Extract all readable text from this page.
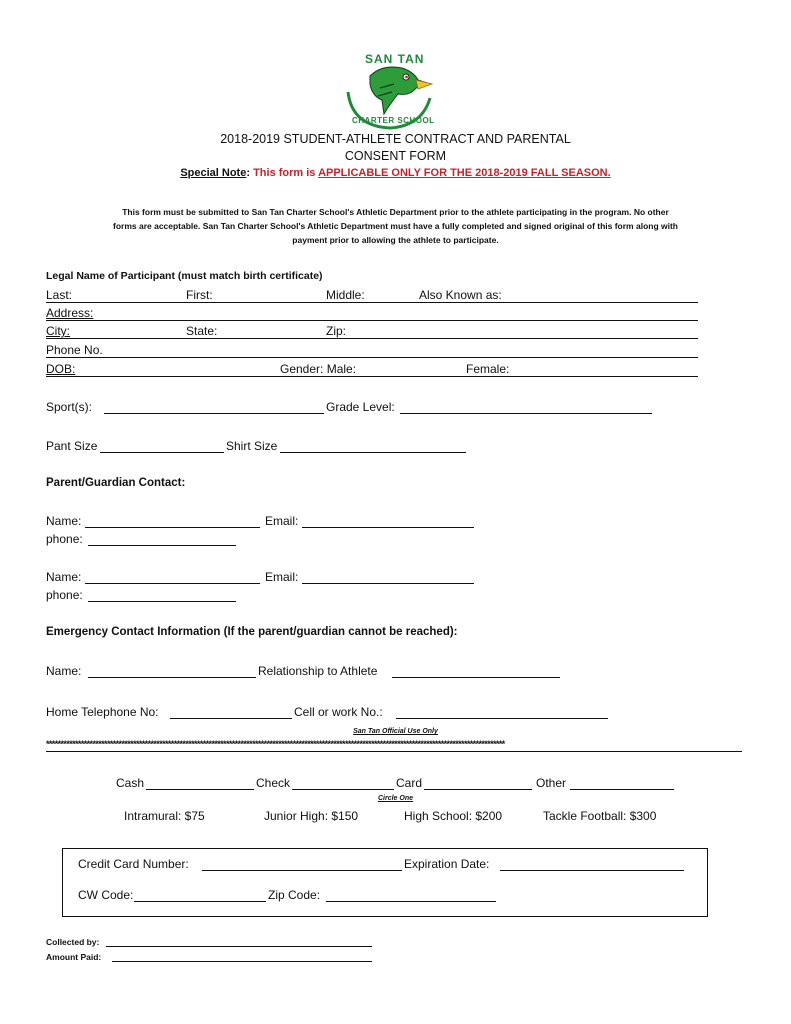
SAN TAN
CHARTER SCHOOL
2018-2019 STUDENT-ATHLETE CONTRACT AND PARENTAL
CONSENT FORM
Special Note: This form is APPLICABLE ONLY FOR THE 2018-2019 FALL SEASON.
This form must be submitted to San Tan Charter School's Athletic Department prior to the athlete participating in the program. No other
forms are acceptable. San Tan Charter School's Athletic Department must have a fully completed and signed original of this form along with
payment prior to allowing the athlete to participate.
Legal Name of Participant (must match birth certificate)
Last:	First:	Middle:	Also Known as:
Address:
City:	State:	Zip:
Phone No.
DOB:	Gender: Male:	Female:
Sport(s):	Grade Level:
Pant Size	Shirt Size
Parent/Guardian Contact:
Name:	Email:
phone:
Name:	Email:
phone:
Emergency Contact Information (If the parent/guardian cannot be reached):
Name:	Relationship to Athlete
Home Telephone No:	Cell or work No.:
San Tan Official Use Only
**************************************************************************************************************************************************************
Cash	Check	Card	Other
Circle One
Intramural: $75	Junior High: $150	High School: $200	Tackle Football: $300
Credit Card Number:	Expiration Date:
CW Code:	Zip Code:
Collected by:
Amount Paid:
